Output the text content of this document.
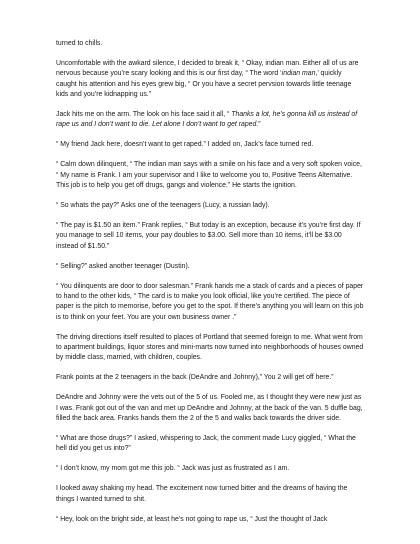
turned to chills.

Uncomfortable with the awkard silence, I decided to break it, “ Okay, indian man. Either all of us are nervous because you’re scary looking and this is our first day, “ The word ‘indian man,’ quickly caught his attention and his eyes grew big, “ Or you have a secret pervsion towards little teenage kids and you’re kidnapping us.”

Jack hits me on the arm. The look on his face said it all, “ Thanks a lot, he’s gonna kill us instead of rape us and I don’t want to die. Let alone I don’t want to get raped.”

“ My friend Jack here, doesn’t want to get raped.” I added on, Jack’s face turned red.

“ Calm down dilinquent, “ The indian man says with a smile on his face and a very soft spoken voice, “ My name is Frank. I am your supervisor and I like to welcome you to, Positive Teens Alternative. This job is to help you get off drugs, gangs and violence.” He starts the ignition.

“ So whats the pay?” Asks one of the teenagers (Lucy, a russian lady).

“ The pay is $1.50 an item.” Frank replies, “ But today is an exception, because it’s you’re first day. If you manage to sell 10 items, your pay doubles to $3.00. Sell more than 10 items, it’ll be $3.00 instead of $1.50.”

“ Selling?” asked another teenager (Dustin).

“ You dilinquents are door to door salesman.” Frank hands me a stack of cards and a pieces of paper to hand to the other kids, “ The card is to make you look official, like you’re certified. The piece of paper is the pitch to memorise, before you get to the spot. If there’s anything you will learn on this job is to think on your feet. You are your own business owner .”

The driving directions itself resulted to places of Portland that seemed foreign to me. What went from to apartment buildings, liquor stores and mini-marts now turned into neighborhoods of houses owned by middle class, married, with children, couples.

Frank points at the 2 teenagers in the back (DeAndre and Johnny),” You 2 will get off here.”

DeAndre and Johnny were the vets out of the 5 of us. Fooled me, as I thought they were new just as I was. Frank got out of the van and met up DeAndre and Johnny, at the back of the van. 5 duffle bag, filled the back area. Franks hands them the 2 of the 5 and walks back towards the driver side.

“ What are those drugs?” I asked, whispering to Jack, the comment made Lucy giggled, “ What the hell did you get us into?”

“ I don’t know, my mom got me this job. “ Jack was just as frustrated as I am.

I looked away shaking my head. The excitement now turned bitter and the dreams of having the things I wanted turned to shit.

“ Hey, look on the bright side, at least he’s not going to rape us, “ Just the thought of Jack
